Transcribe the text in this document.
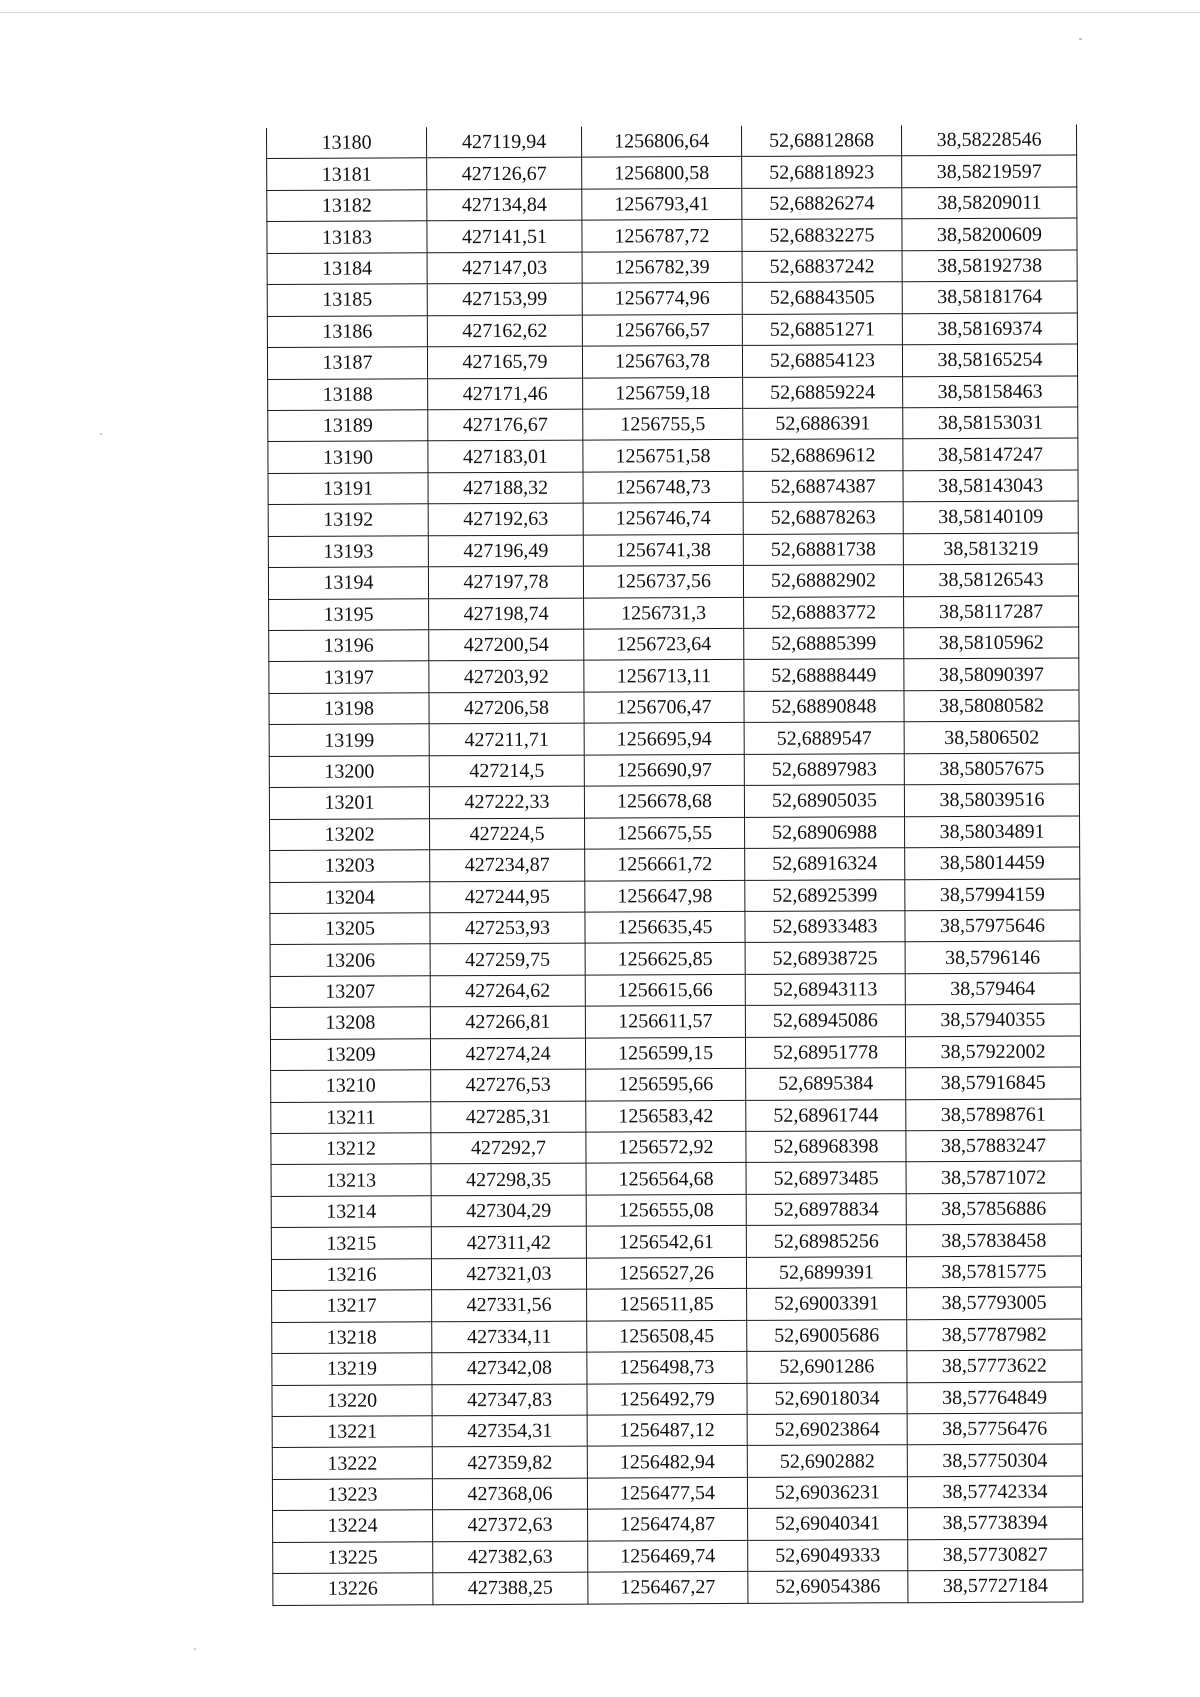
13180	427119,94	1256806,64	52,68812868	38,58228546
13181	427126,67	1256800,58	52,68818923	38,58219597
13182	427134,84	1256793,41	52,68826274	38,58209011
13183	427141,51	1256787,72	52,68832275	38,58200609
13184	427147,03	1256782,39	52,68837242	38,58192738
13185	427153,99	1256774,96	52,68843505	38,58181764
13186	427162,62	1256766,57	52,68851271	38,58169374
13187	427165,79	1256763,78	52,68854123	38,58165254
13188	427171,46	1256759,18	52,68859224	38,58158463
13189	427176,67	1256755,5	52,6886391	38,58153031
13190	427183,01	1256751,58	52,68869612	38,58147247
13191	427188,32	1256748,73	52,68874387	38,58143043
13192	427192,63	1256746,74	52,68878263	38,58140109
13193	427196,49	1256741,38	52,68881738	38,5813219
13194	427197,78	1256737,56	52,68882902	38,58126543
13195	427198,74	1256731,3	52,68883772	38,58117287
13196	427200,54	1256723,64	52,68885399	38,58105962
13197	427203,92	1256713,11	52,68888449	38,58090397
13198	427206,58	1256706,47	52,68890848	38,58080582
13199	427211,71	1256695,94	52,6889547	38,5806502
13200	427214,5	1256690,97	52,68897983	38,58057675
13201	427222,33	1256678,68	52,68905035	38,58039516
13202	427224,5	1256675,55	52,68906988	38,58034891
13203	427234,87	1256661,72	52,68916324	38,58014459
13204	427244,95	1256647,98	52,68925399	38,57994159
13205	427253,93	1256635,45	52,68933483	38,57975646
13206	427259,75	1256625,85	52,68938725	38,5796146
13207	427264,62	1256615,66	52,68943113	38,579464
13208	427266,81	1256611,57	52,68945086	38,57940355
13209	427274,24	1256599,15	52,68951778	38,57922002
13210	427276,53	1256595,66	52,6895384	38,57916845
13211	427285,31	1256583,42	52,68961744	38,57898761
13212	427292,7	1256572,92	52,68968398	38,57883247
13213	427298,35	1256564,68	52,68973485	38,57871072
13214	427304,29	1256555,08	52,68978834	38,57856886
13215	427311,42	1256542,61	52,68985256	38,57838458
13216	427321,03	1256527,26	52,6899391	38,57815775
13217	427331,56	1256511,85	52,69003391	38,57793005
13218	427334,11	1256508,45	52,69005686	38,57787982
13219	427342,08	1256498,73	52,6901286	38,57773622
13220	427347,83	1256492,79	52,69018034	38,57764849
13221	427354,31	1256487,12	52,69023864	38,57756476
13222	427359,82	1256482,94	52,6902882	38,57750304
13223	427368,06	1256477,54	52,69036231	38,57742334
13224	427372,63	1256474,87	52,69040341	38,57738394
13225	427382,63	1256469,74	52,69049333	38,57730827
13226	427388,25	1256467,27	52,69054386	38,57727184
